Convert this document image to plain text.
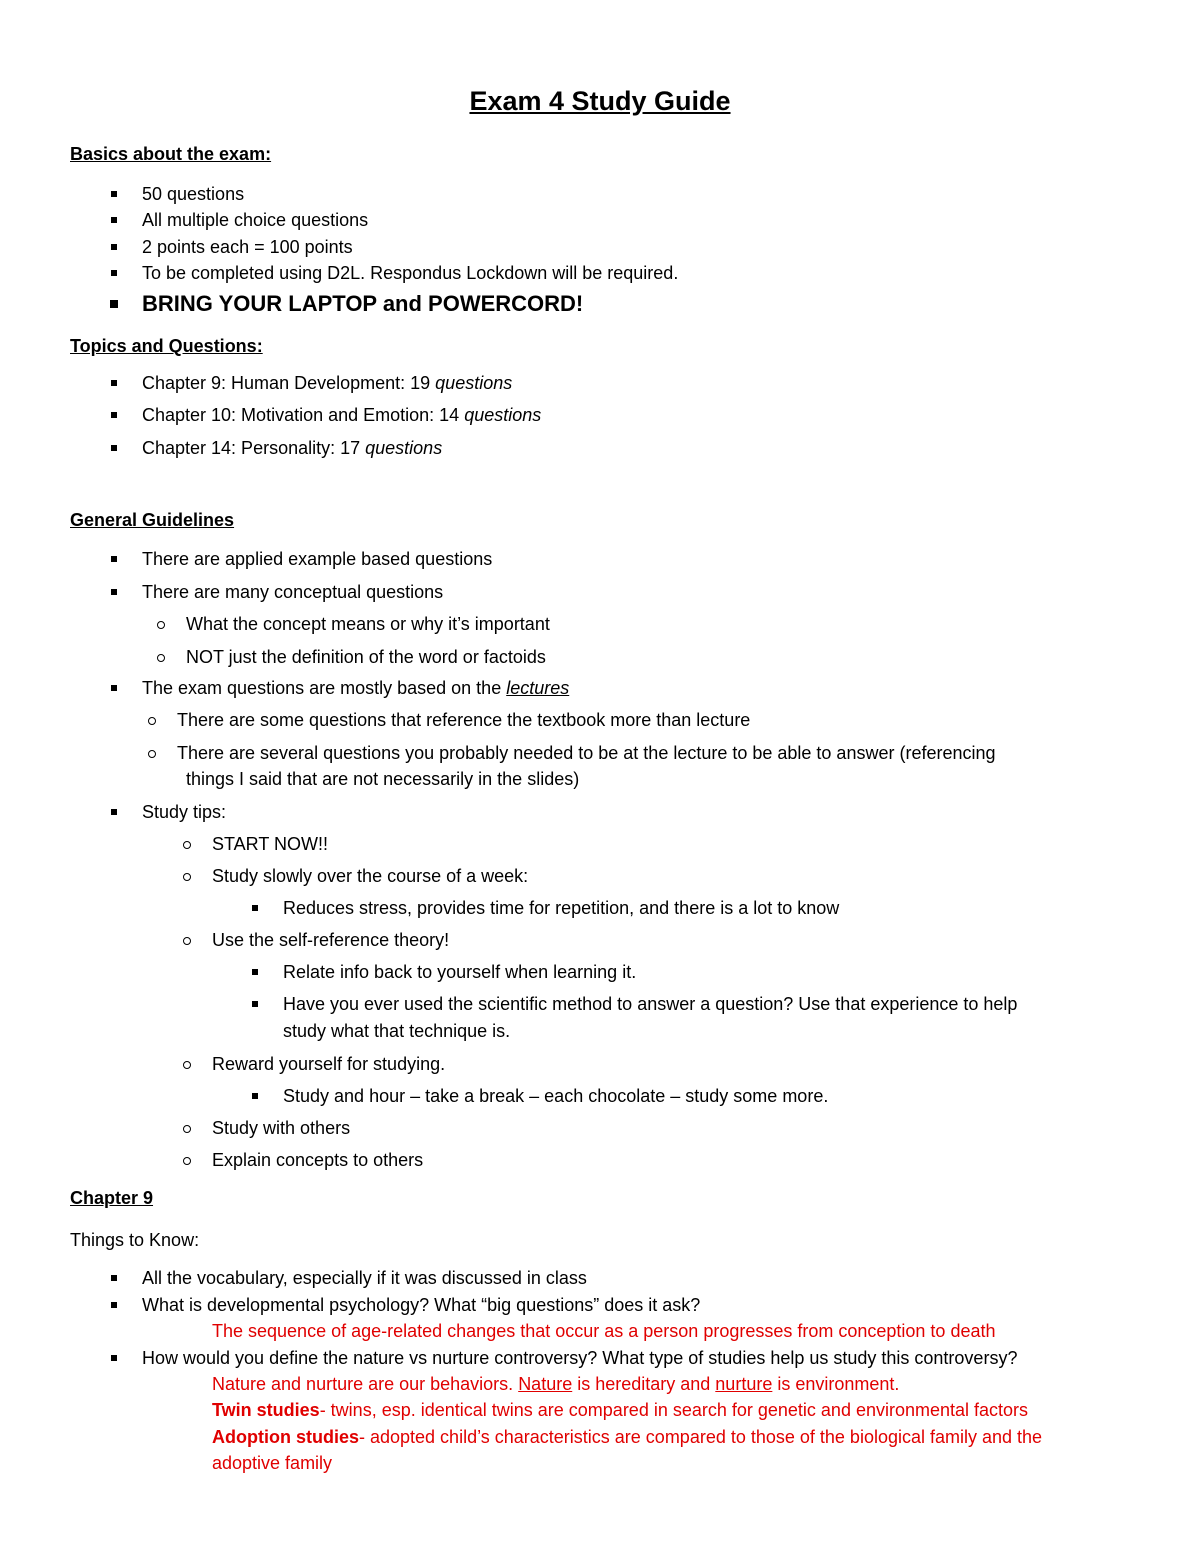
Exam 4 Study Guide
Basics about the exam:
50 questions
All multiple choice questions
2 points each = 100 points
To be completed using D2L. Respondus Lockdown will be required.
BRING YOUR LAPTOP and POWERCORD!
Topics and Questions:
Chapter 9: Human Development: 19 questions
Chapter 10: Motivation and Emotion: 14 questions
Chapter 14: Personality: 17 questions
General Guidelines
There are applied example based questions
There are many conceptual questions
What the concept means or why it’s important
NOT just the definition of the word or factoids
The exam questions are mostly based on the lectures
There are some questions that reference the textbook more than lecture
There are several questions you probably needed to be at the lecture to be able to answer (referencing
things I said that are not necessarily in the slides)
Study tips:
START NOW!!
Study slowly over the course of a week:
Reduces stress, provides time for repetition, and there is a lot to know
Use the self-reference theory!
Relate info back to yourself when learning it.
Have you ever used the scientific method to answer a question? Use that experience to help
study what that technique is.
Reward yourself for studying.
Study and hour – take a break – each chocolate – study some more.
Study with others
Explain concepts to others
Chapter 9
Things to Know:
All the vocabulary, especially if it was discussed in class
What is developmental psychology? What “big questions” does it ask?
The sequence of age-related changes that occur as a person progresses from conception to death
How would you define the nature vs nurture controversy? What type of studies help us study this controversy?
Nature and nurture are our behaviors. Nature is hereditary and nurture is environment.
Twin studies- twins, esp. identical twins are compared in search for genetic and environmental factors
Adoption studies- adopted child’s characteristics are compared to those of the biological family and the
adoptive family
